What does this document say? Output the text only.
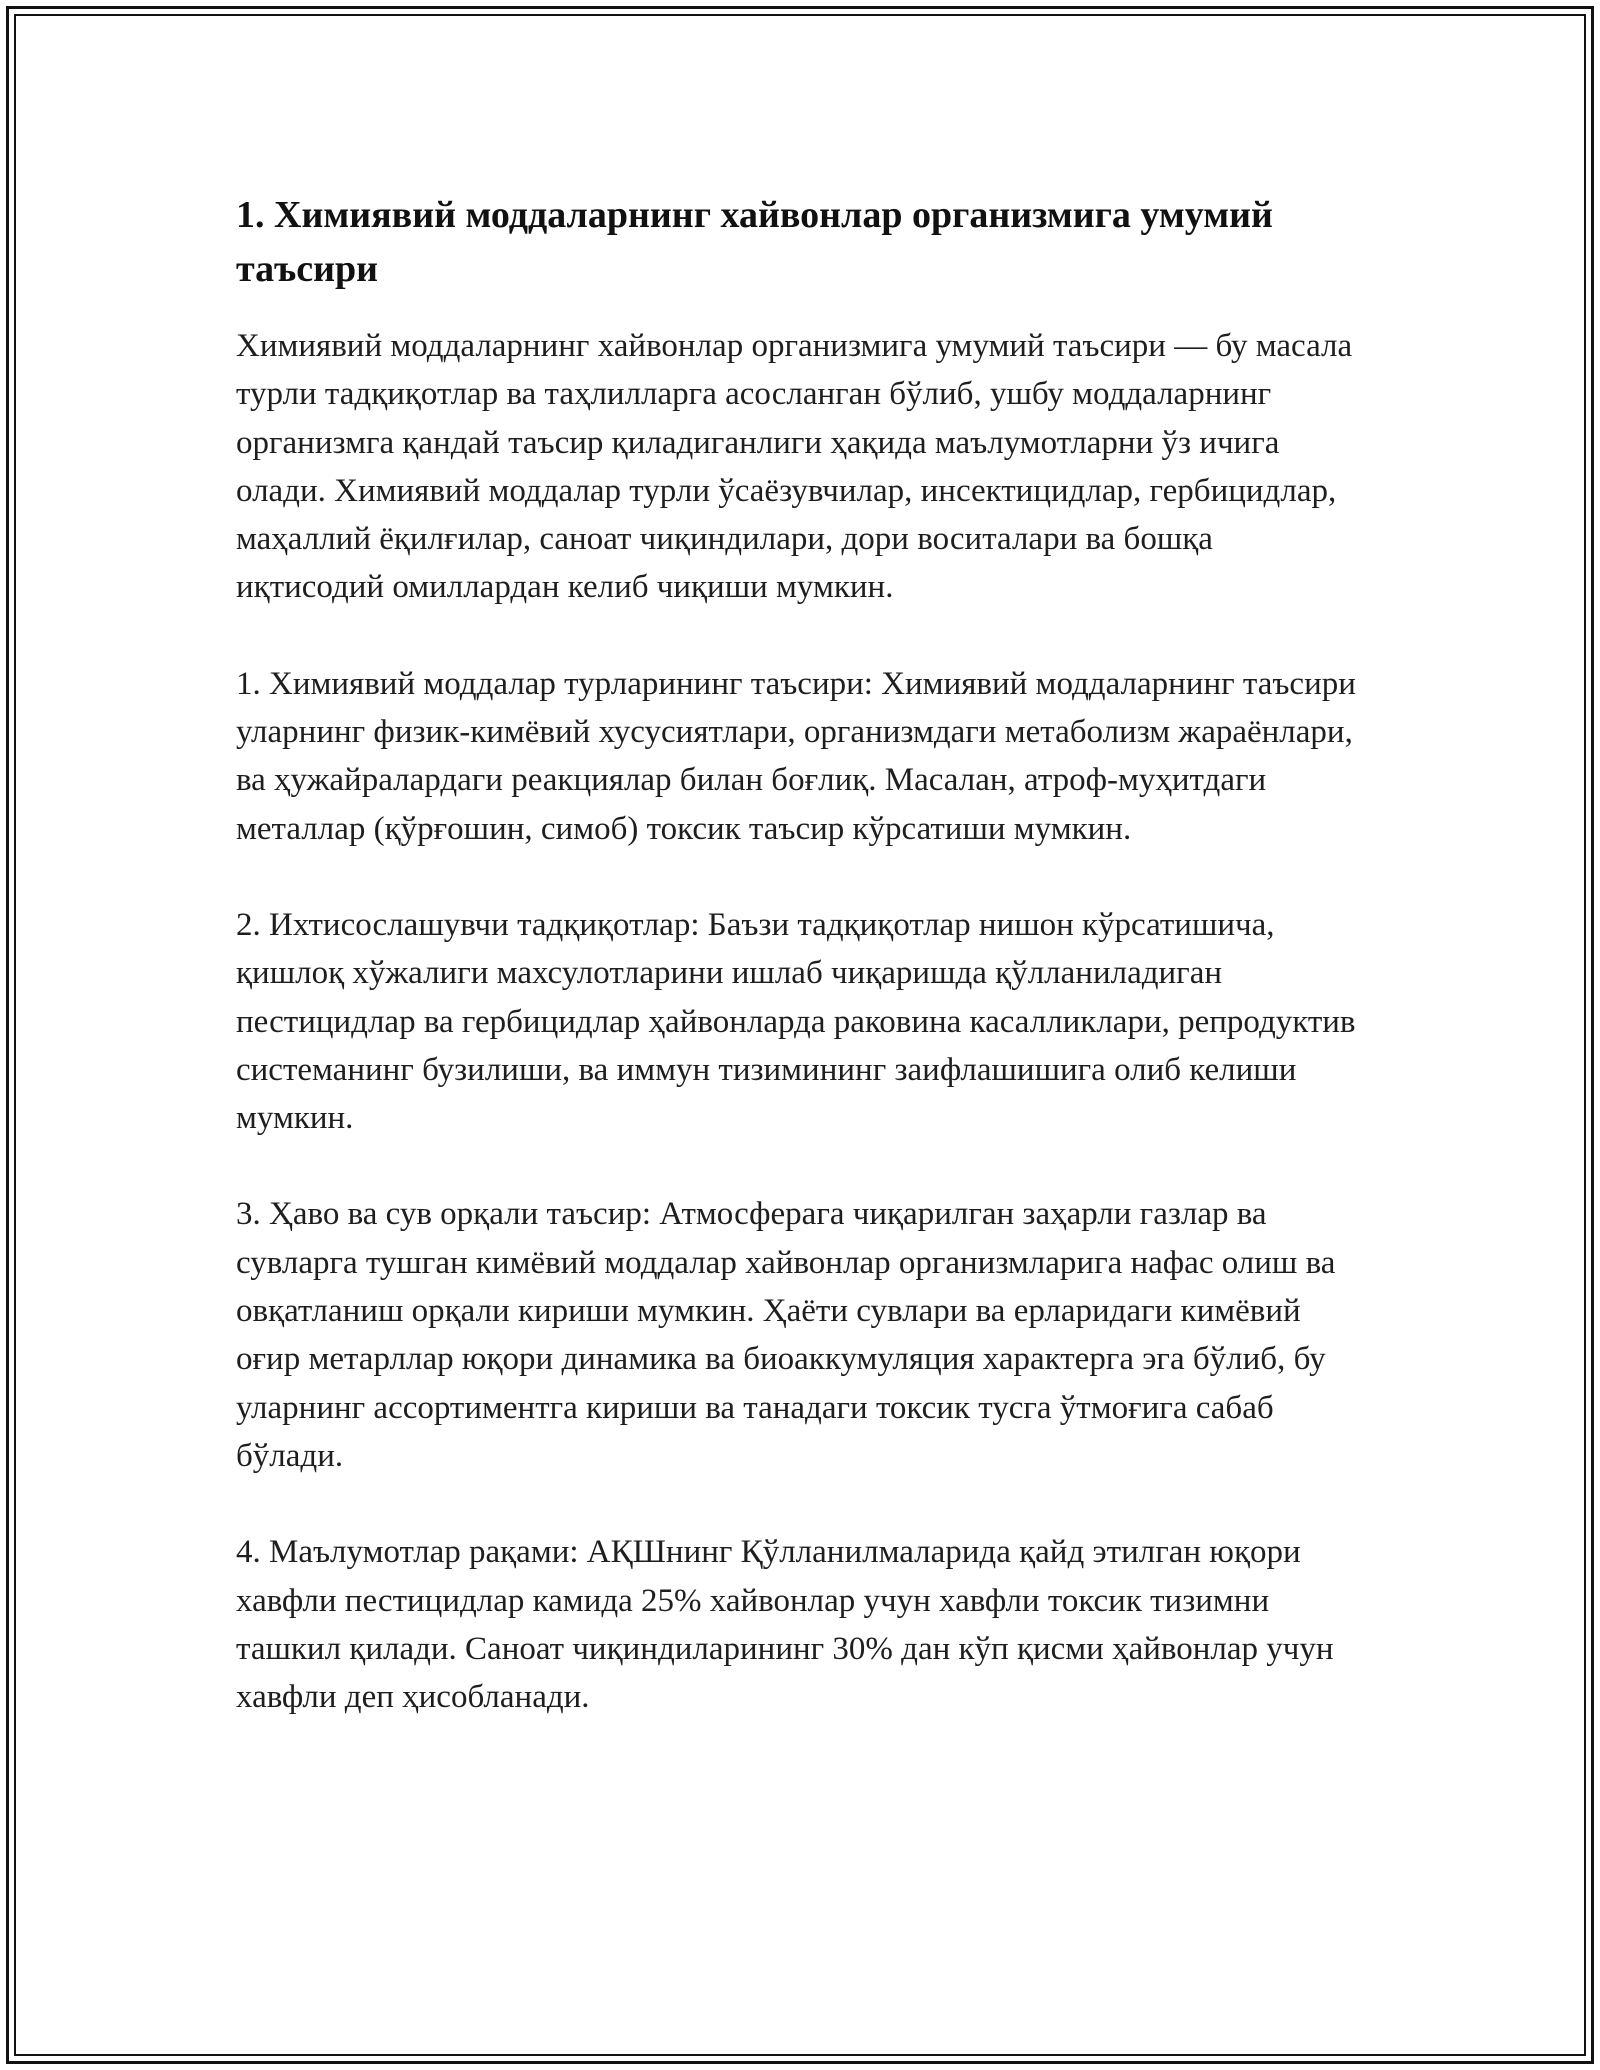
1. Химиявий моддаларнинг хайвонлар организмига умумий таъсири

Химиявий моддаларнинг хайвонлар организмига умумий таъсири — бу масала турли тадқиқотлар ва таҳлилларга асосланган бўлиб, ушбу моддаларнинг организмга қандай таъсир қиладиганлиги ҳақида маълумотларни ўз ичига олади. Химиявий моддалар турли ўсаёзувчилар, инсектицидлар, гербицидлар, маҳаллий ёқилғилар, саноат чиқиндилари, дори воситалари ва бошқа иқтисодий омиллардан келиб чиқиши мумкин.

1. Химиявий моддалар турларининг таъсири: Химиявий моддаларнинг таъсири уларнинг физик-кимёвий хусусиятлари, организмдаги метаболизм жараёнлари, ва ҳужайралардаги реакциялар билан боғлиқ. Масалан, атроф-муҳитдаги металлар (қўрғошин, симоб) токсик таъсир кўрсатиши мумкин.

2. Ихтисослашувчи тадқиқотлар: Баъзи тадқиқотлар нишон кўрсатишича, қишлоқ хўжалиги махсулотларини ишлаб чиқаришда қўлланиладиган пестицидлар ва гербицидлар ҳайвонларда раковина касалликлари, репродуктив системанинг бузилиши, ва иммун тизимининг заифлашишига олиб келиши мумкин.

3. Ҳаво ва сув орқали таъсир: Атмосферага чиқарилган заҳарли газлар ва сувларга тушган кимёвий моддалар хайвонлар организмларига нафас олиш ва овқатланиш орқали кириши мумкин. Ҳаёти сувлари ва ерларидаги кимёвий оғир метарллар юқори динамика ва биоаккумуляция характерга эга бўлиб, бу уларнинг ассортиментга кириши ва танадаги токсик тусга ўтмоғига сабаб бўлади.

4. Маълумотлар рақами: АҚШнинг Қўлланилмаларида қайд этилган юқори хавфли пестицидлар камида 25% хайвонлар учун хавфли токсик тизимни ташкил қилади. Саноат чиқиндиларининг 30% дан кўп қисми ҳайвонлар учун хавфли деп ҳисобланади.
